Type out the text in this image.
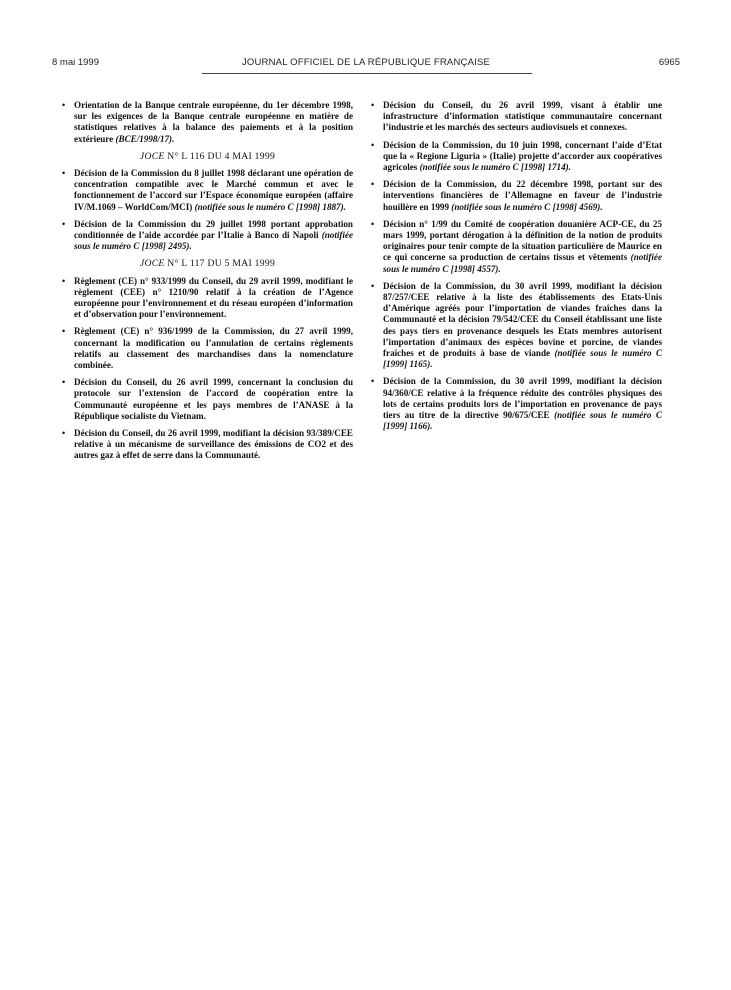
8 mai 1999	JOURNAL OFFICIEL DE LA RÉPUBLIQUE FRANÇAISE	6965
• Orientation de la Banque centrale européenne, du 1er décembre 1998, sur les exigences de la Banque centrale européenne en matière de statistiques relatives à la balance des paiements et à la position extérieure (BCE/1998/17).

JOCE N° L 116 DU 4 MAI 1999
• Décision de la Commission du 8 juillet 1998 déclarant une opération de concentration compatible avec le Marché commun et avec le fonctionnement de l’accord sur l’Espace économique européen (affaire IV/M.1069 – WorldCom/MCI) (notifiée sous le numéro C [1998] 1887).

• Décision de la Commission du 29 juillet 1998 portant approbation conditionnée de l’aide accordée par l’Italie à Banco di Napoli (notifiée sous le numéro C [1998] 2495).

JOCE N° L 117 DU 5 MAI 1999
• Règlement (CE) n° 933/1999 du Conseil, du 29 avril 1999, modifiant le règlement (CEE) n° 1210/90 relatif à la création de l’Agence européenne pour l’environnement et du réseau européen d’information et d’observation pour l’environnement.

• Règlement (CE) n° 936/1999 de la Commission, du 27 avril 1999, concernant la modification ou l’annulation de certains règlements relatifs au classement des marchandises dans la nomenclature combinée.

• Décision du Conseil, du 26 avril 1999, concernant la conclusion du protocole sur l’extension de l’accord de coopération entre la Communauté européenne et les pays membres de l’ANASE à la République socialiste du Vietnam.

• Décision du Conseil, du 26 avril 1999, modifiant la décision 93/389/CEE relative à un mécanisme de surveillance des émissions de CO2 et des autres gaz à effet de serre dans la Communauté.

• Décision du Conseil, du 26 avril 1999, visant à établir une infrastructure d’information statistique communautaire concernant l’industrie et les marchés des secteurs audiovisuels et connexes.

• Décision de la Commission, du 10 juin 1998, concernant l’aide d’Etat que la « Regione Liguria » (Italie) projette d’accorder aux coopératives agricoles (notifiée sous le numéro C [1998] 1714).

• Décision de la Commission, du 22 décembre 1998, portant sur des interventions financières de l’Allemagne en faveur de l’industrie houillère en 1999 (notifiée sous le numéro C [1998] 4569).

• Décision n° 1/99 du Comité de coopération douanière ACP-CE, du 25 mars 1999, portant dérogation à la définition de la notion de produits originaires pour tenir compte de la situation particulière de Maurice en ce qui concerne sa production de certains tissus et vêtements (notifiée sous le numéro C [1998] 4557).

• Décision de la Commission, du 30 avril 1999, modifiant la décision 87/257/CEE relative à la liste des établissements des Etats-Unis d’Amérique agréés pour l’importation de viandes fraîches dans la Communauté et la décision 79/542/CEE du Conseil établissant une liste des pays tiers en provenance desquels les Etats membres autorisent l’importation d’animaux des espèces bovine et porcine, de viandes fraîches et de produits à base de viande (notifiée sous le numéro C [1999] 1165).

• Décision de la Commission, du 30 avril 1999, modifiant la décision 94/360/CE relative à la fréquence réduite des contrôles physiques des lots de certains produits lors de l’importation en provenance de pays tiers au titre de la directive 90/675/CEE (notifiée sous le numéro C [1999] 1166).
